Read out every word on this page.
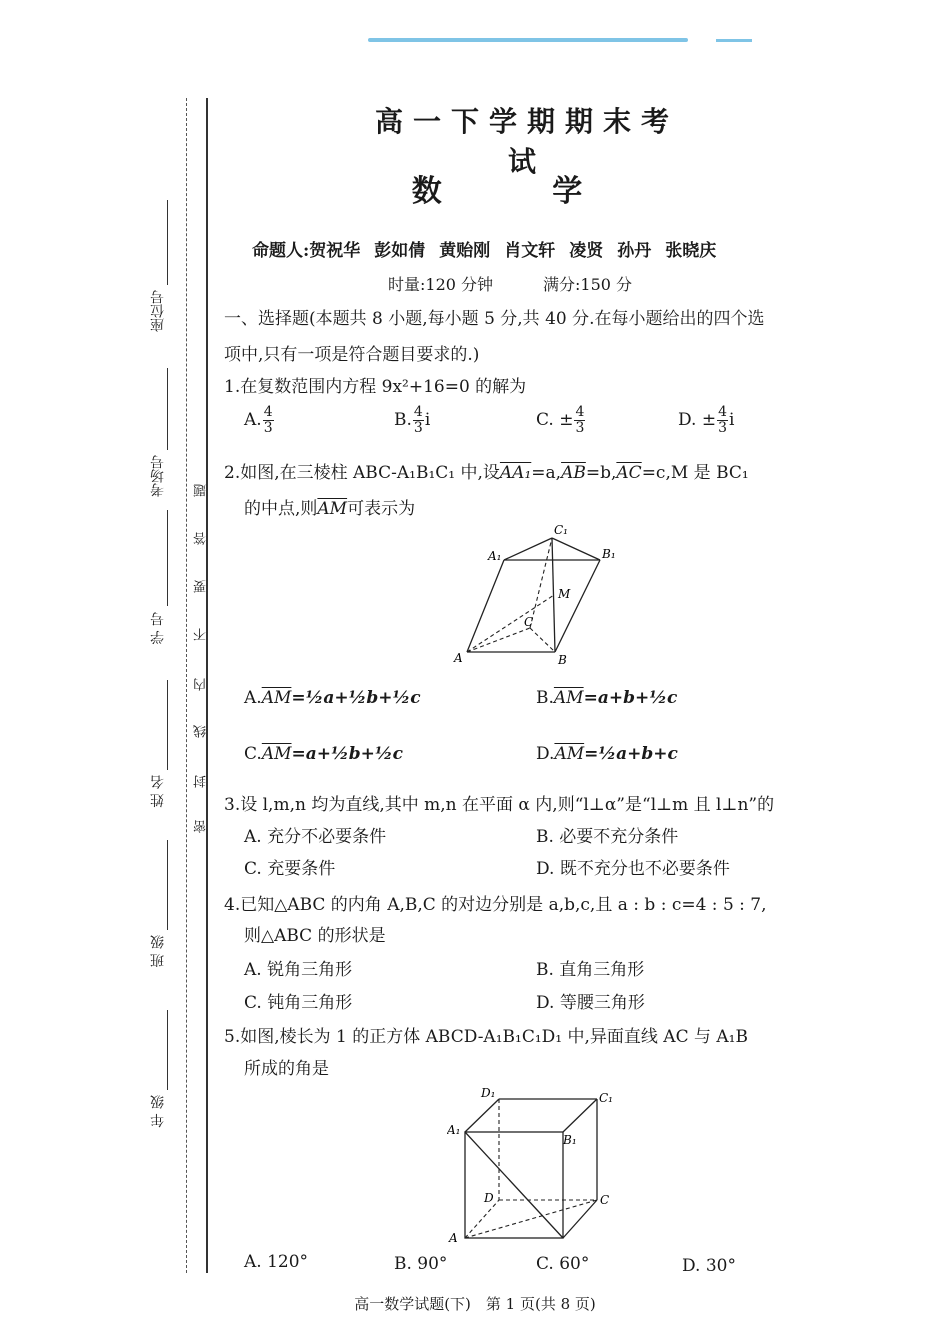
座位号
考场号
学 号
姓 名
班 级
年 级
密
封
线
内
不
要
答
题
高一下学期期末考试
数 学
命题人:贺祝华 彭如倩 黄贻刚 肖文轩 凌贤 孙丹 张晓庆
时量:120 分钟	满分:150 分
一、选择题(本题共 8 小题,每小题 5 分,共 40 分.在每小题给出的四个选
项中,只有一项是符合题目要求的.)
1.在复数范围内方程 9x²+16=0 的解为
A. $\frac{4}{3}$	B. $\frac{4}{3}$ i	C. ± $\frac{4}{3}$	D. ± $\frac{4}{3}$ i
2.如图,在三棱柱 ABC-A₁B₁C₁ 中,设$AA_1=a,\overline{AB}=b,\overline{AC}=c,M$ 是 BC₁
的中点,则$\overline{AM}$可表示为
C₁
A₁	B₁
M
C
A	B
$A.\overline{AM}=\frac{1}{2}a+\frac{1}{2}b+\frac{1}{2}c$	$B.\overline{AM}=a+b+\frac{1}{2}c$
$C.\overline{AM}=a+\frac{1}{2}b+\frac{1}{2}c$	$D.\overline{AM}=\frac{1}{2}a+b+c$
3.设 l,m,n 均为直线,其中 m,n 在平面 α 内,则“l⊥α”是“l⊥m 且 l⊥n”的
A. 充分不必要条件	B. 必要不充分条件
C. 充要条件	D. 既不充分也不必要条件
4.已知△ABC 的内角 A,B,C 的对边分别是 a,b,c,且 a : b : c=4 : 5 : 7,
则△ABC 的形状是
A. 锐角三角形	B. 直角三角形
C. 钝角三角形	D. 等腰三角形
5.如图,棱长为 1 的正方体 ABCD-A₁B₁C₁D₁ 中,异面直线 AC 与 A₁B
所成的角是
D₁	C₁
A₁
B₁
D	C
A
A. 120°	B. 90°	C. 60°	D. 30°
高一数学试题(下)　第 1 页(共 8 页)
